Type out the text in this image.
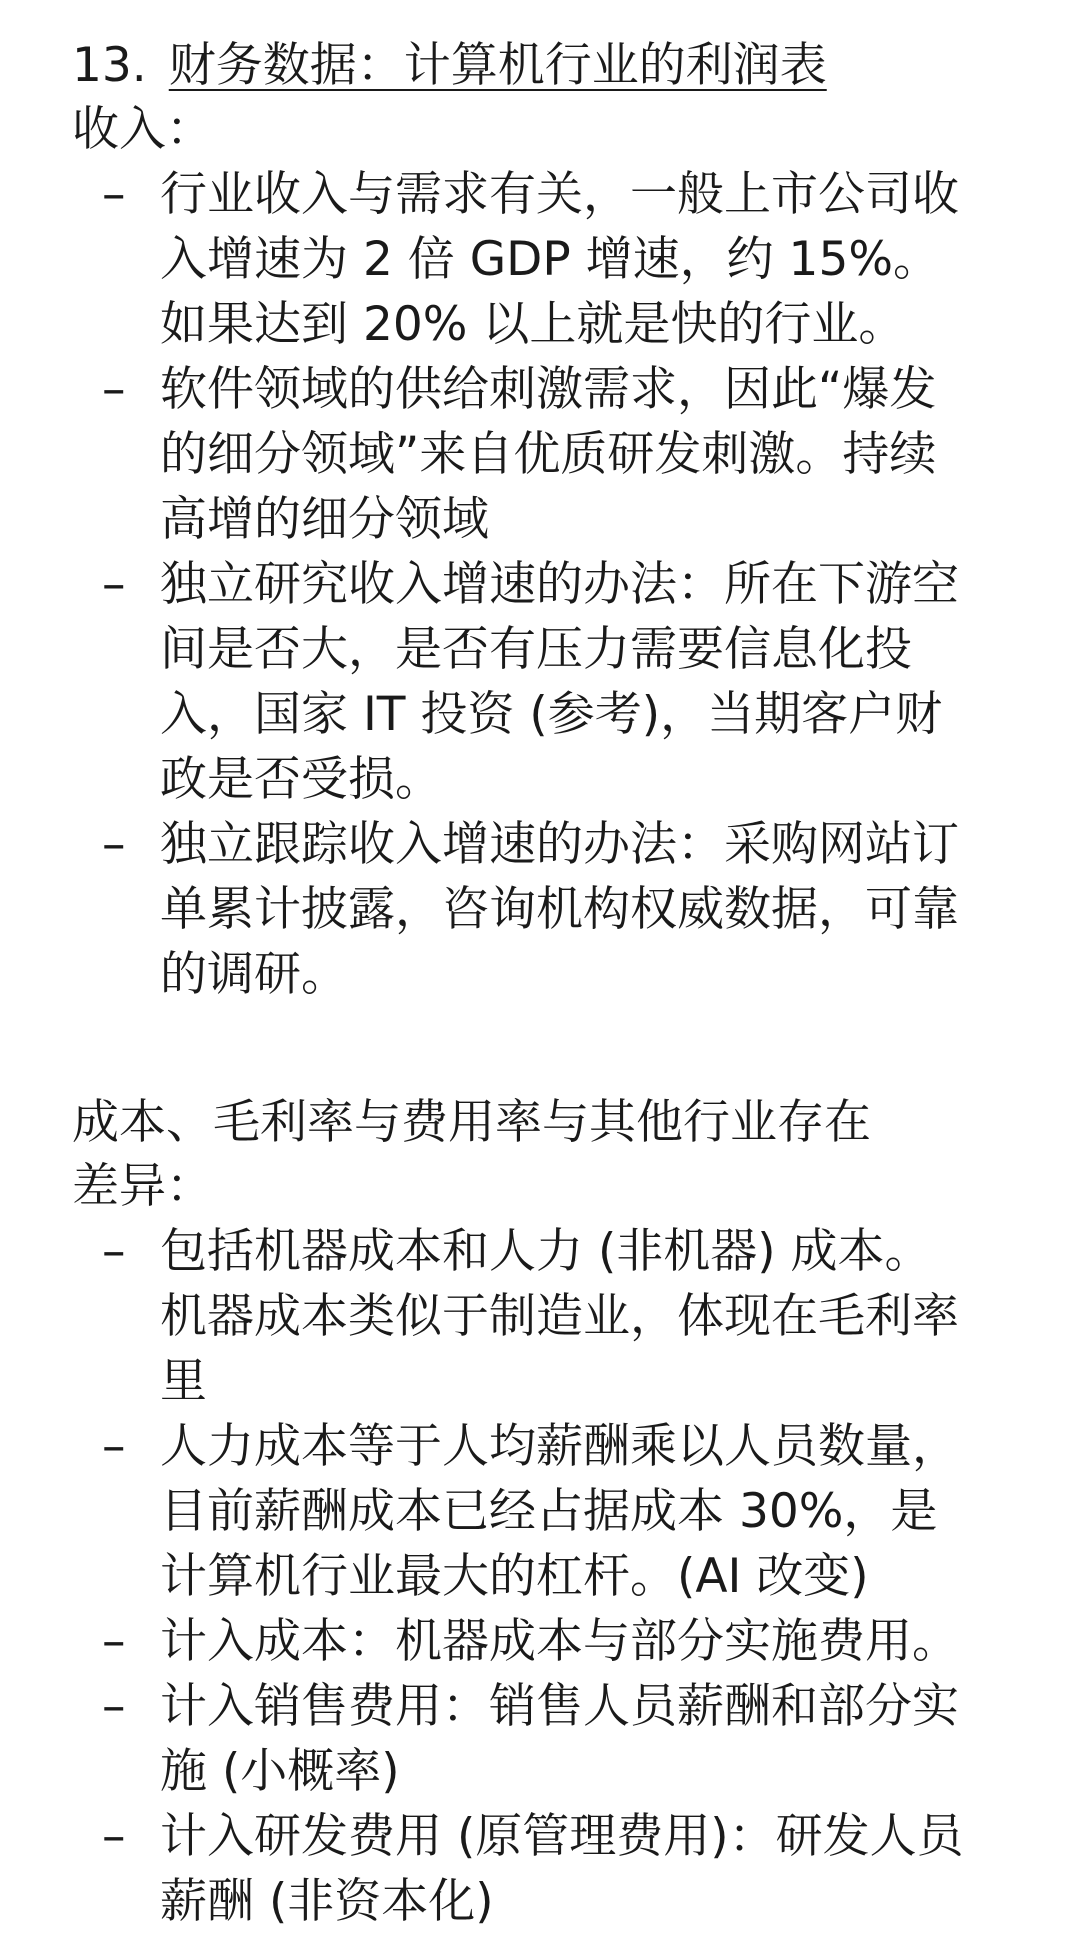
13. 财务数据：计算机行业的利润表

收入：

– 行业收入与需求有关，一般上市公司收入增速为 2 倍 GDP 增速，约 15%。如果达到 20% 以上就是快的行业。
– 软件领域的供给刺激需求，因此“爆发的细分领域”来自优质研发刺激。持续高增的细分领域
– 独立研究收入增速的办法：所在下游空间是否大，是否有压力需要信息化投入，国家 IT 投资 (参考)，当期客户财政是否受损。
– 独立跟踪收入增速的办法：采购网站订单累计披露，咨询机构权威数据，可靠的调研。

成本、毛利率与费用率与其他行业存在

差异：

– 包括机器成本和人力 (非机器) 成本。机器成本类似于制造业，体现在毛利率里
– 人力成本等于人均薪酬乘以人员数量，目前薪酬成本已经占据成本 30%，是计算机行业最大的杠杆。(AI 改变)
– 计入成本：机器成本与部分实施费用。
– 计入销售费用：销售人员薪酬和部分实施 (小概率)
– 计入研发费用 (原管理费用)：研发人员薪酬 (非资本化)
